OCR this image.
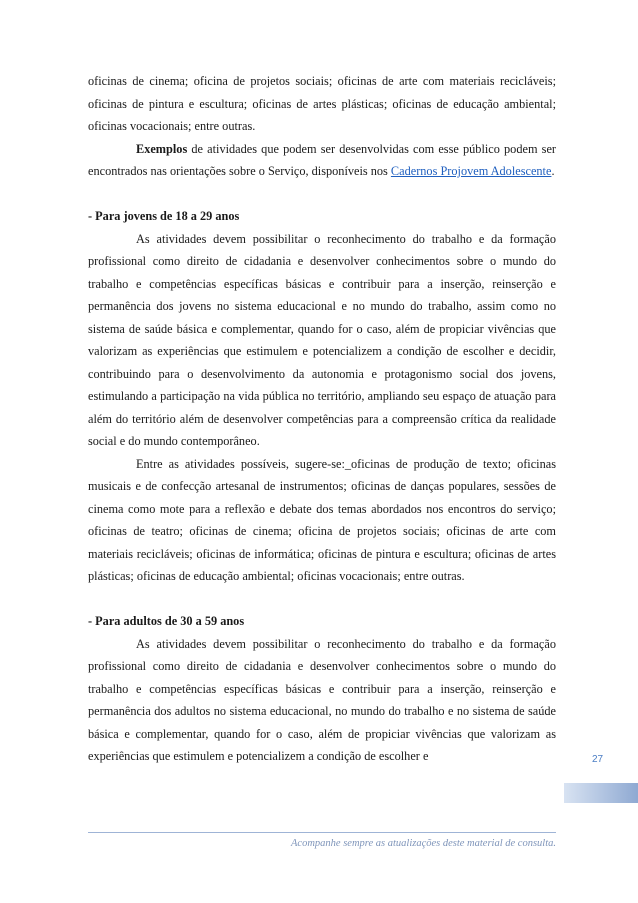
oficinas de cinema; oficina de projetos sociais; oficinas de arte com materiais recicláveis; oficinas de pintura e escultura; oficinas de artes plásticas; oficinas de educação ambiental; oficinas vocacionais; entre outras.

Exemplos de atividades que podem ser desenvolvidas com esse público podem ser encontrados nas orientações sobre o Serviço, disponíveis nos Cadernos Projovem Adolescente.

- Para jovens de 18 a 29 anos

As atividades devem possibilitar o reconhecimento do trabalho e da formação profissional como direito de cidadania e desenvolver conhecimentos sobre o mundo do trabalho e competências específicas básicas e contribuir para a inserção, reinserção e permanência dos jovens no sistema educacional e no mundo do trabalho, assim como no sistema de saúde básica e complementar, quando for o caso, além de propiciar vivências que valorizam as experiências que estimulem e potencializem a condição de escolher e decidir, contribuindo para o desenvolvimento da autonomia e protagonismo social dos jovens, estimulando a participação na vida pública no território, ampliando seu espaço de atuação para além do território além de desenvolver competências para a compreensão crítica da realidade social e do mundo contemporâneo.

Entre as atividades possíveis, sugere-se:_oficinas de produção de texto; oficinas musicais e de confecção artesanal de instrumentos; oficinas de danças populares, sessões de cinema como mote para a reflexão e debate dos temas abordados nos encontros do serviço; oficinas de teatro; oficinas de cinema; oficina de projetos sociais; oficinas de arte com materiais recicláveis; oficinas de informática; oficinas de pintura e escultura; oficinas de artes plásticas; oficinas de educação ambiental; oficinas vocacionais; entre outras.

- Para adultos de 30 a 59 anos

As atividades devem possibilitar o reconhecimento do trabalho e da formação profissional como direito de cidadania e desenvolver conhecimentos sobre o mundo do trabalho e competências específicas básicas e contribuir para a inserção, reinserção e permanência dos adultos no sistema educacional, no mundo do trabalho e no sistema de saúde básica e complementar, quando for o caso, além de propiciar vivências que valorizam as experiências que estimulem e potencializem a condição de escolher e	27
Acompanhe sempre as atualizações deste material de consulta.
